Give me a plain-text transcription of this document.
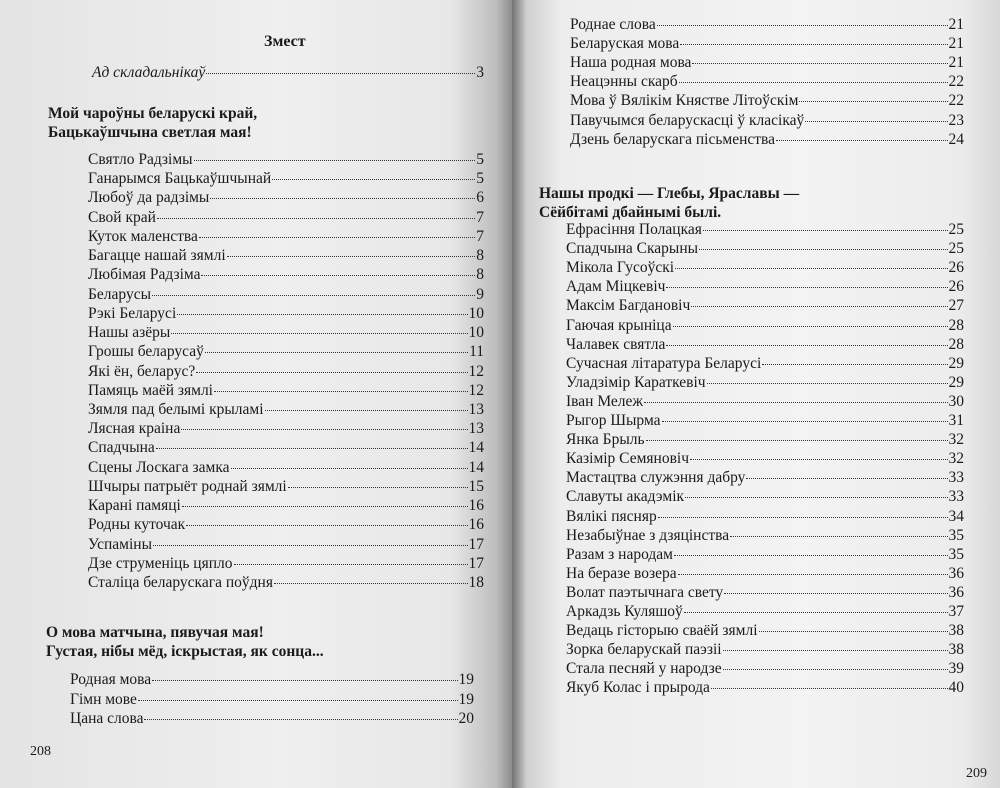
Змест
Ад складальнікаў	3
Мой чароўны беларускі край,
Бацькаўшчына светлая мая!
Святло Радзімы	5
Ганарымся Бацькаўшчынай	5
Любоў да радзімы	6
Свой край	7
Куток маленства	7
Багацце нашай зямлі	8
Любімая Радзіма	8
Беларусы	9
Рэкі Беларусі	10
Нашы азёры	10
Грошы беларусаў	11
Які ён, беларус?	12
Памяць маёй зямлі	12
Зямля пад белымі крыламі	13
Лясная краіна	13
Спадчына	14
Сцены Лоскага замка	14
Шчыры патрыёт роднай зямлі	15
Карані памяці	16
Родны куточак	16
Успаміны	17
Дзе струменіць цяпло	17
Сталіца беларускага поўдня	18
О мова матчына, пявучая мая!
Густая, нібы мёд, іскрыстая, як сонца...
Родная мова	19
Гімн мове	19
Цана слова	20
208
Роднае слова	21
Беларуская мова	21
Наша родная мова	21
Неацэнны скарб	22
Мова ў Вялікім Княстве Літоўскім	22
Павучымся беларускасці ў класікаў	23
Дзень беларускага пісьменства	24
Нашы продкі — Глебы, Яраславы —
Сёйбітамі дбайнымі былі.
Ефрасіння Полацкая	25
Спадчына Скарыны	25
Мікола Гусоўскі	26
Адам Міцкевіч	26
Максім Багдановіч	27
Гаючая крыніца	28
Чалавек святла	28
Сучасная літаратура Беларусі	29
Уладзімір Караткевіч	29
Іван Мележ	30
Рыгор Шырма	31
Янка Брыль	32
Казімір Семяновіч	32
Мастацтва служэння дабру	33
Славуты акадэмік	33
Вялікі пясняр	34
Незабыўнае з дзяцінства	35
Разам з народам	35
На беразе возера	36
Волат паэтычнага свету	36
Аркадзь Куляшоў	37
Ведаць гісторыю сваёй зямлі	38
Зорка беларускай паэзіі	38
Стала песняй у народзе	39
Якуб Колас і прырода	40
209
